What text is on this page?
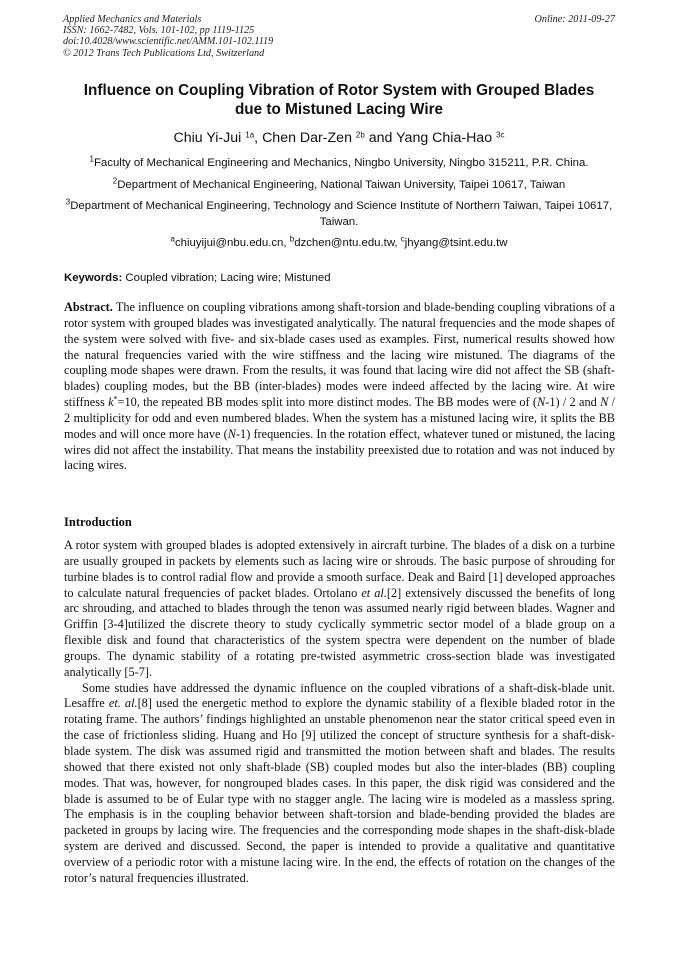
Applied Mechanics and Materials
ISSN: 1662-7482, Vols. 101-102, pp 1119-1125
doi:10.4028/www.scientific.net/AMM.101-102.1119
© 2012 Trans Tech Publications Ltd, Switzerland
Online: 2011-09-27
Influence on Coupling Vibration of Rotor System with Grouped Blades
due to Mistuned Lacing Wire
Chiu Yi-Jui $^{1a}$, Chen Dar-Zen $^{2b}$ and Yang Chia-Hao $^{3c}$
$^1$Faculty of Mechanical Engineering and Mechanics, Ningbo University, Ningbo 315211, P.R. China.
$^2$Department of Mechanical Engineering, National Taiwan University, Taipei 10617, Taiwan
$^3$Department of Mechanical Engineering, Technology and Science Institute of Northern Taiwan, Taipei 10617, Taiwan.
$^a$chiuyijui@nbu.edu.cn, $^b$dzchen@ntu.edu.tw, $^c$jhyang@tsint.edu.tw
Keywords: Coupled vibration; Lacing wire; Mistuned
Abstract. The influence on coupling vibrations among shaft-torsion and blade-bending coupling vibrations of a rotor system with grouped blades was investigated analytically. The natural frequencies and the mode shapes of the system were solved with five- and six-blade cases used as examples. First, numerical results showed how the natural frequencies varied with the wire stiffness and the lacing wire mistuned. The diagrams of the coupling mode shapes were drawn. From the results, it was found that lacing wire did not affect the SB (shaft-blades) coupling modes, but the BB (inter-blades) modes were indeed affected by the lacing wire. At wire stiffness k*=10, the repeated BB modes split into more distinct modes. The BB modes were of (N-1) / 2 and N / 2 multiplicity for odd and even numbered blades. When the system has a mistuned lacing wire, it splits the BB modes and will once more have (N-1) frequencies. In the rotation effect, whatever tuned or mistuned, the lacing wires did not affect the instability. That means the instability preexisted due to rotation and was not induced by lacing wires.
Introduction

A rotor system with grouped blades is adopted extensively in aircraft turbine. The blades of a disk on a turbine are usually grouped in packets by elements such as lacing wire or shrouds. The basic purpose of shrouding for turbine blades is to control radial flow and provide a smooth surface. Deak and Baird [1] developed approaches to calculate natural frequencies of packet blades. Ortolano et al.[2] extensively discussed the benefits of long arc shrouding, and attached to blades through the tenon was assumed nearly rigid between blades. Wagner and Griffin [3-4]utilized the discrete theory to study cyclically symmetric sector model of a blade group on a flexible disk and found that characteristics of the system spectra were dependent on the number of blade groups. The dynamic stability of a rotating pre-twisted asymmetric cross-section blade was investigated analytically [5-7].

Some studies have addressed the dynamic influence on the coupled vibrations of a shaft-disk-blade unit. Lesaffre et. al.[8] used the energetic method to explore the dynamic stability of a flexible bladed rotor in the rotating frame. The authors’ findings highlighted an unstable phenomenon near the stator critical speed even in the case of frictionless sliding. Huang and Ho [9] utilized the concept of structure synthesis for a shaft-disk-blade system. The disk was assumed rigid and transmitted the motion between shaft and blades. The results showed that there existed not only shaft-blade (SB) coupled modes but also the inter-blades (BB) coupling modes. That was, however, for nongrouped blades cases. In this paper, the disk rigid was considered and the blade is assumed to be of Eular type with no stagger angle. The lacing wire is modeled as a massless spring. The emphasis is in the coupling behavior between shaft-torsion and blade-bending provided the blades are packeted in groups by lacing wire. The frequencies and the corresponding mode shapes in the shaft-disk-blade system are derived and discussed. Second, the paper is intended to provide a qualitative and quantitative overview of a periodic rotor with a mistune lacing wire. In the end, the effects of rotation on the changes of the rotor’s natural frequencies illustrated.
